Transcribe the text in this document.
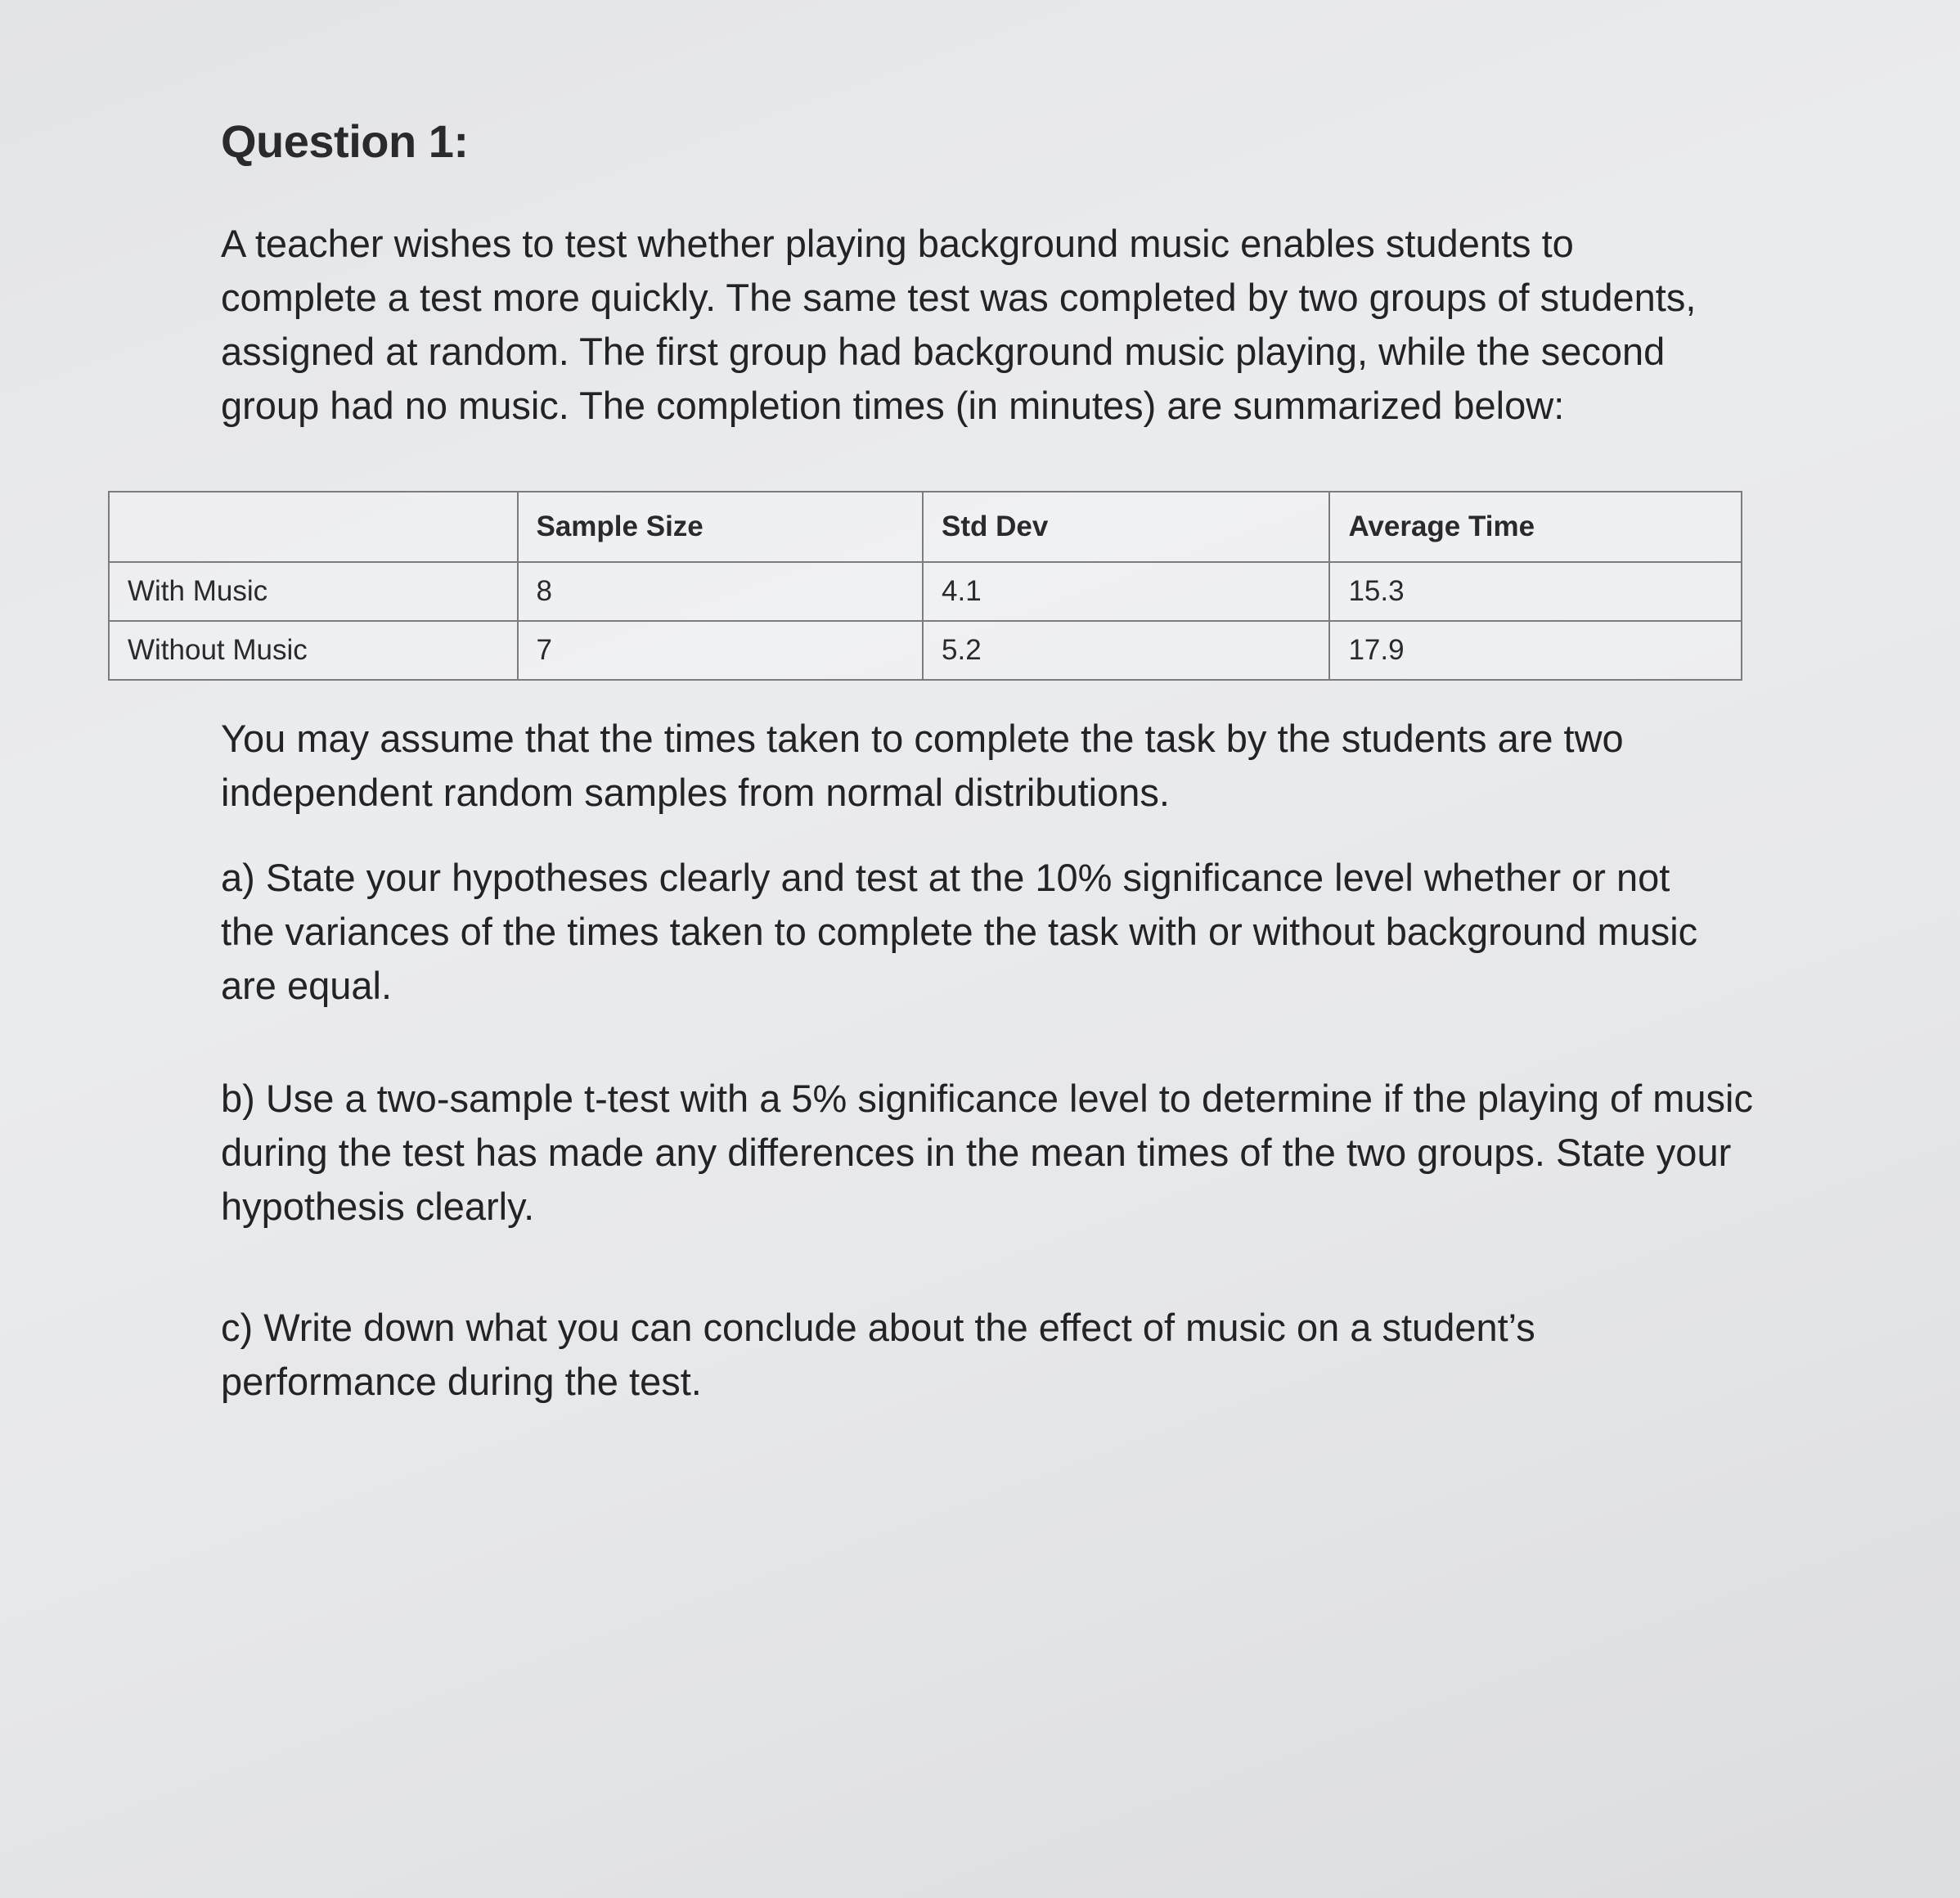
Question 1:

A teacher wishes to test whether playing background music enables students to complete a test more quickly. The same test was completed by two groups of students, assigned at random. The first group had background music playing, while the second group had no music. The completion times (in minutes) are summarized below:

	Sample Size	Std Dev	Average Time
With Music	8	4.1	15.3
Without Music	7	5.2	17.9

You may assume that the times taken to complete the task by the students are two independent random samples from normal distributions.

a) State your hypotheses clearly and test at the 10% significance level whether or not the variances of the times taken to complete the task with or without background music are equal.

b) Use a two-sample t-test with a 5% significance level to determine if the playing of music during the test has made any differences in the mean times of the two groups. State your hypothesis clearly.

c) Write down what you can conclude about the effect of music on a student’s performance during the test.
